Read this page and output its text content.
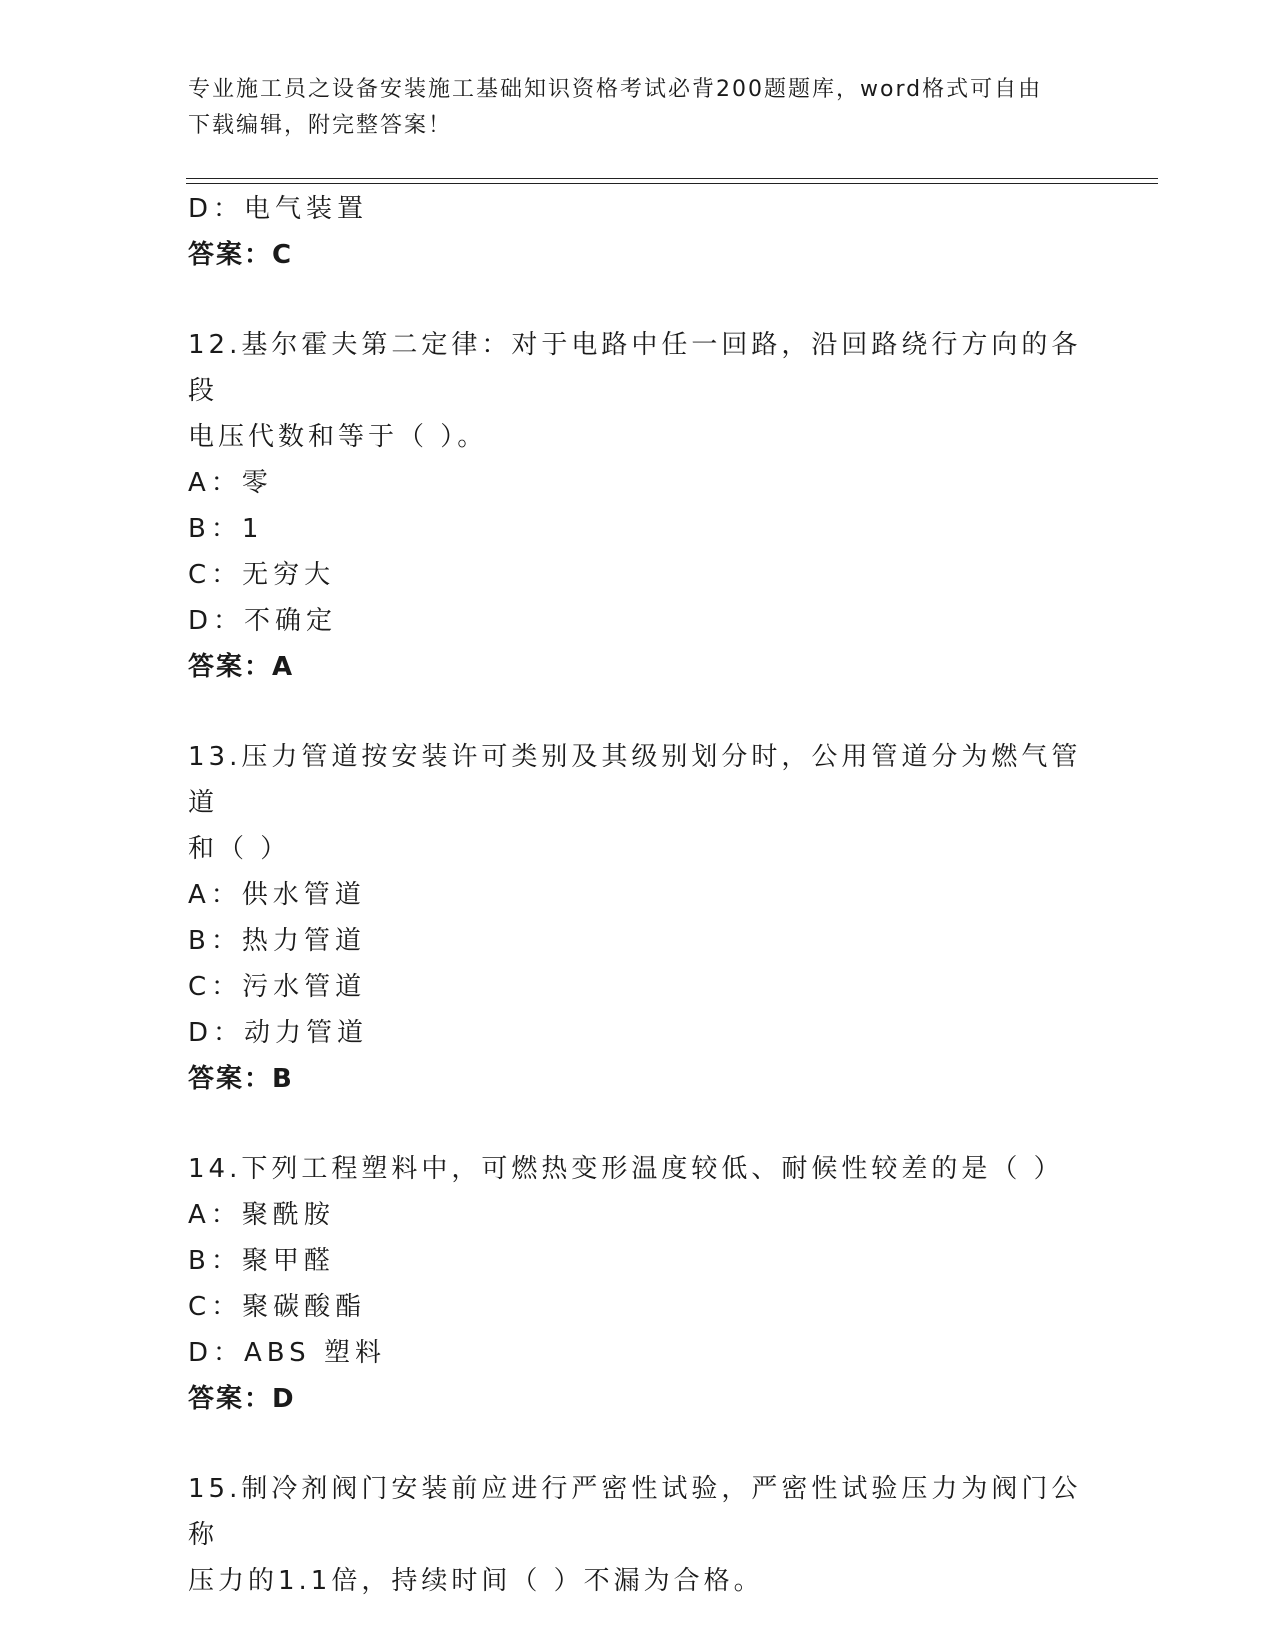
专业施工员之设备安装施工基础知识资格考试必背200题题库，word格式可自由
下载编辑，附完整答案！
D：电气装置
答案：C
12.基尔霍夫第二定律：对于电路中任一回路，沿回路绕行方向的各段
电压代数和等于（ ）。
A：零
B：1
C：无穷大
D：不确定
答案：A
13.压力管道按安装许可类别及其级别划分时，公用管道分为燃气管道
和（ ）
A：供水管道
B：热力管道
C：污水管道
D：动力管道
答案：B
14.下列工程塑料中，可燃热变形温度较低、耐候性较差的是（ ）
A：聚酰胺
B：聚甲醛
C：聚碳酸酯
D：ABS 塑料
答案：D
15.制冷剂阀门安装前应进行严密性试验，严密性试验压力为阀门公称
压力的1.1倍，持续时间（ ）不漏为合格。
